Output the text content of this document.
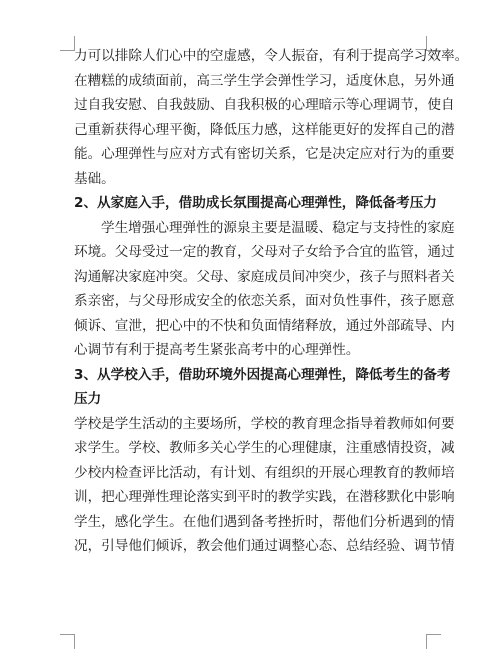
力可以排除人们心中的空虚感，令人振奋，有利于提高学习效率。
在糟糕的成绩面前，高三学生学会弹性学习，适度休息，另外通
过自我安慰、自我鼓励、自我积极的心理暗示等心理调节，使自
己重新获得心理平衡，降低压力感，这样能更好的发挥自己的潜
能。心理弹性与应对方式有密切关系，它是决定应对行为的重要
基础。
2、从家庭入手，借助成长氛围提高心理弹性，降低备考压力
学生增强心理弹性的源泉主要是温暖、稳定与支持性的家庭
环境。父母受过一定的教育，父母对子女给予合宜的监管，通过
沟通解决家庭冲突。父母、家庭成员间冲突少，孩子与照料者关
系亲密，与父母形成安全的依恋关系，面对负性事件，孩子愿意
倾诉、宣泄，把心中的不快和负面情绪释放，通过外部疏导、内
心调节有利于提高考生紧张高考中的心理弹性。
3、从学校入手，借助环境外因提高心理弹性，降低考生的备考
压力
学校是学生活动的主要场所，学校的教育理念指导着教师如何要
求学生。学校、教师多关心学生的心理健康，注重感情投资，减
少校内检查评比活动，有计划、有组织的开展心理教育的教师培
训，把心理弹性理论落实到平时的教学实践，在潜移默化中影响
学生，感化学生。在他们遇到备考挫折时，帮他们分析遇到的情
况，引导他们倾诉，教会他们通过调整心态、总结经验、调节情
